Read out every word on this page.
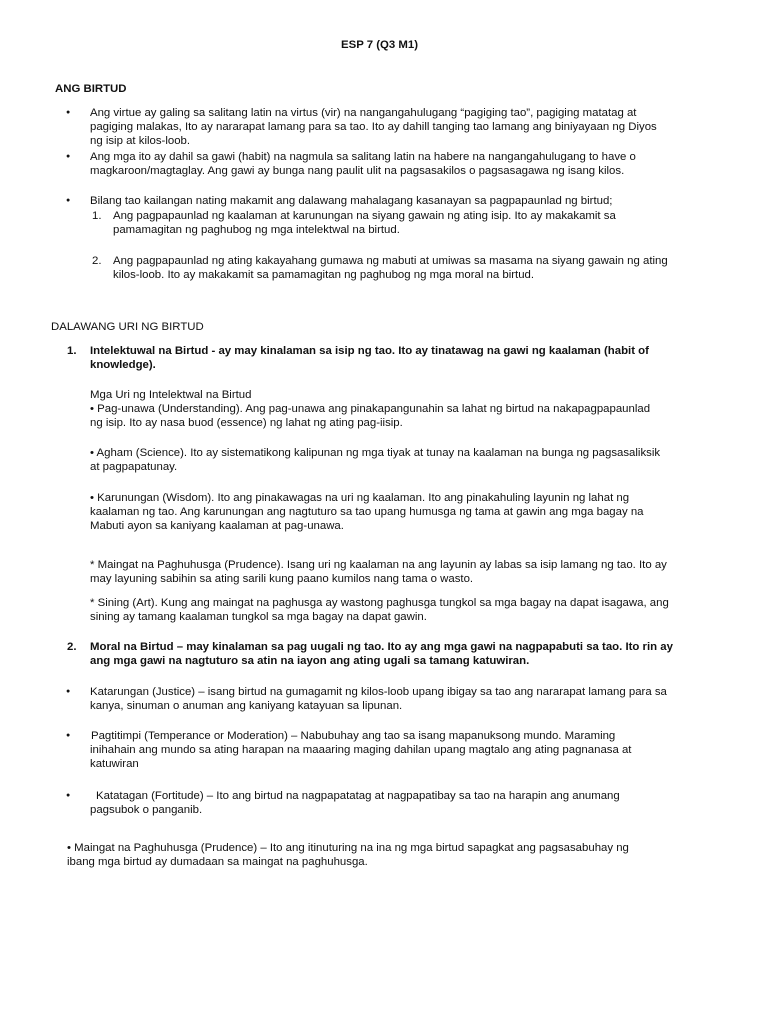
ESP 7 (Q3 M1)
ANG BIRTUD
●
Ang virtue ay galing sa salitang latin na virtus (vir) na nangangahulugang “pagiging tao”, pagiging matatag at
pagiging malakas, Ito ay nararapat lamang para sa tao. Ito ay dahill tanging tao lamang ang biniyayaan ng Diyos
ng isip at kilos-loob.
●
Ang mga ito ay dahil sa gawi (habit) na nagmula sa salitang latin na habere na nangangahulugang to have o
magkaroon/magtaglay. Ang gawi ay bunga nang paulit ulit na pagsasakilos o pagsasagawa ng isang kilos.
●
Bilang tao kailangan nating makamit ang dalawang mahalagang kasanayan sa pagpapaunlad ng birtud;
1. Ang pagpapaunlad ng kaalaman at karunungan na siyang gawain ng ating isip. Ito ay makakamit sa
pamamagitan ng paghubog ng mga intelektwal na birtud.
2. Ang pagpapaunlad ng ating kakayahang gumawa ng mabuti at umiwas sa masama na siyang gawain ng ating
kilos-loob. Ito ay makakamit sa pamamagitan ng paghubog ng mga moral na birtud.
DALAWANG URI NG BIRTUD
1. Intelektuwal na Birtud - ay may kinalaman sa isip ng tao. Ito ay tinatawag na gawi ng kaalaman (habit of
knowledge).
Mga Uri ng Intelektwal na Birtud
• Pag-unawa (Understanding). Ang pag-unawa ang pinakapangunahin sa lahat ng birtud na nakapagpapaunlad
ng isip. Ito ay nasa buod (essence) ng lahat ng ating pag-iisip.
• Agham (Science). Ito ay sistematikong kalipunan ng mga tiyak at tunay na kaalaman na bunga ng pagsasaliksik
at pagpapatunay.
• Karunungan (Wisdom). Ito ang pinakawagas na uri ng kaalaman. Ito ang pinakahuling layunin ng lahat ng
kaalaman ng tao. Ang karunungan ang nagtuturo sa tao upang humusga ng tama at gawin ang mga bagay na
Mabuti ayon sa kaniyang kaalaman at pag-unawa.
* Maingat na Paghuhusga (Prudence). Isang uri ng kaalaman na ang layunin ay labas sa isip lamang ng tao. Ito ay
may layuning sabihin sa ating sarili kung paano kumilos nang tama o wasto.
* Sining (Art). Kung ang maingat na paghusga ay wastong paghusga tungkol sa mga bagay na dapat isagawa, ang
sining ay tamang kaalaman tungkol sa mga bagay na dapat gawin.
2. Moral na Birtud – may kinalaman sa pag uugali ng tao. Ito ay ang mga gawi na nagpapabuti sa tao. Ito rin ay
ang mga gawi na nagtuturo sa atin na iayon ang ating ugali sa tamang katuwiran.
●
Katarungan (Justice) – isang birtud na gumagamit ng kilos-loob upang ibigay sa tao ang nararapat lamang para sa
kanya, sinuman o anuman ang kaniyang katayuan sa lipunan.
●
Pagtitimpi (Temperance or Moderation) – Nabubuhay ang tao sa isang mapanuksong mundo. Maraming
inihahain ang mundo sa ating harapan na maaaring maging dahilan upang magtalo ang ating pagnanasa at
katuwiran
●
Katatagan (Fortitude) – Ito ang birtud na nagpapatatag at nagpapatibay sa tao na harapin ang anumang
pagsubok o panganib.
• Maingat na Paghuhusga (Prudence) – Ito ang itinuturing na ina ng mga birtud sapagkat ang pagsasabuhay ng
ibang mga birtud ay dumadaan sa maingat na paghuhusga.
